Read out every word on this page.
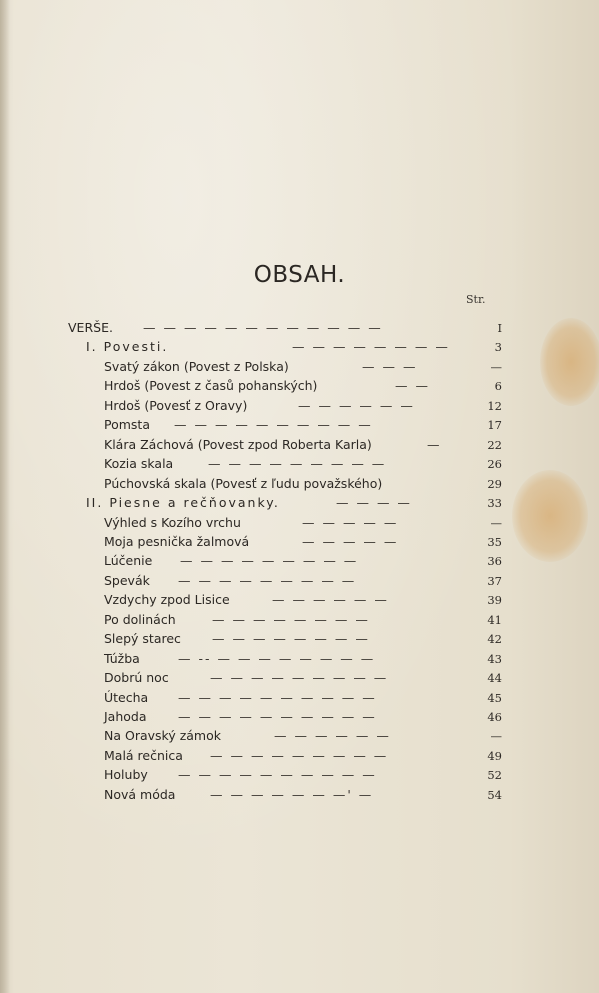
OBSAH.
Str.
VERŠE. — — — — — — — — — — — —	I
I. Povesti.	— — — — — — — —	3
Svatý zákon (Povest z Polska)	— — —	—
Hrdoš (Povest z časů pohanských)	— —	6
Hrdoš (Povesť z Oravy)	— — — — — —	12
Pomsta — — — — — — — — — —	17
Klára Záchová (Povest zpod Roberta Karla)	—	22
Kozia skala	— — — — — — — — —	26
Púchovská skala (Povesť z ľudu považského)	29
II. Piesne a rečňovanky.	— — — —	33
Výhled s Kozího vrchu	— — — — —	—
Moja pesnička žalmová	— — — — —	35
Lúčenie — — — — — — — — —	36
Spevák — — — — — — — — —	37
Vzdychy zpod Lisice	— — — — — —	39
Po dolinách	— — — — — — — —	41
Slepý starec — — — — — — — —	42
Túžba	— -- — — — — — — — —	43
Dobrú noc	— — — — — — — — —	44
Útecha — — — — — — — — — —	45
Jahoda	— — — — — — — — — —	46
Na Oravský zámok	— — — — — —	—
Malá rečnica — — — — — — — — —	49
Holuby — — — — — — — — — —	52
Nová móda	— — — — — — —' —	54
